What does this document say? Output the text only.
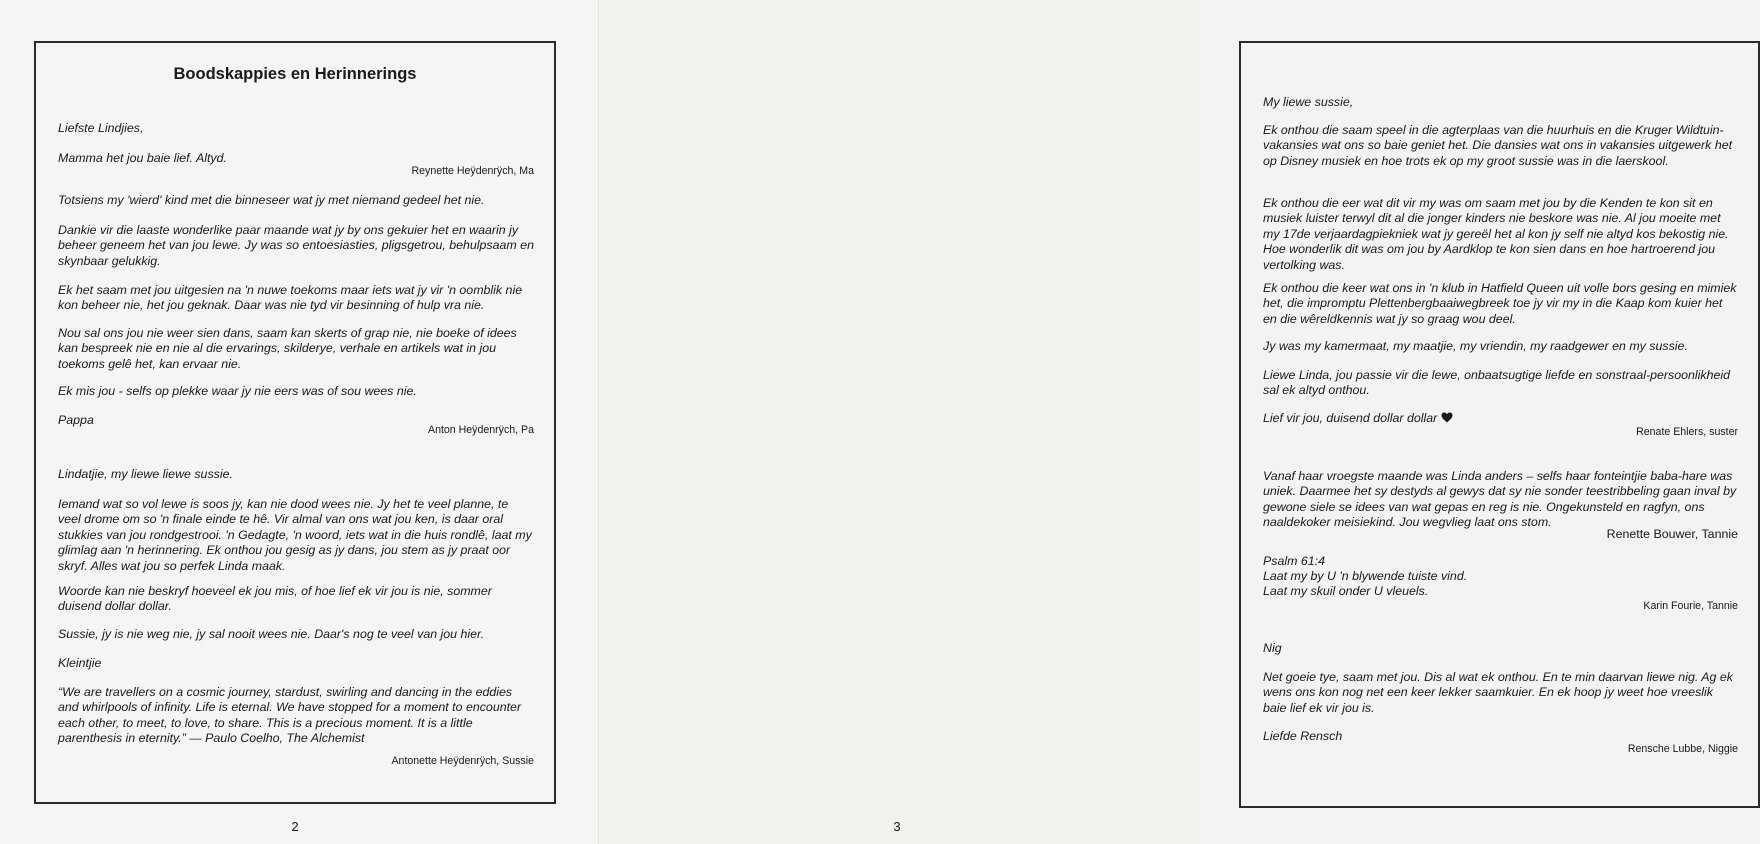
Boodskappies en Herinnerings

Liefste Lindjies,

Mamma het jou baie lief. Altyd.

Reynette Heÿdenrÿch, Ma

Totsiens my 'wierd' kind met die binneseer wat jy met niemand gedeel het nie.

Dankie vir die laaste wonderlike paar maande wat jy by ons gekuier het en waarin jy beheer geneem het van jou lewe. Jy was so entoesiasties, pligsgetrou, behulpsaam en skynbaar gelukkig.

Ek het saam met jou uitgesien na 'n nuwe toekoms maar iets wat jy vir 'n oomblik nie kon beheer nie, het jou geknak. Daar was nie tyd vir besinning of hulp vra nie.

Nou sal ons jou nie weer sien dans, saam kan skerts of grap nie, nie boeke of idees kan bespreek nie en nie al die ervarings, skilderye, verhale en artikels wat in jou toekoms gelê het, kan ervaar nie.

Ek mis jou - selfs op plekke waar jy nie eers was of sou wees nie.

Pappa

Anton Heÿdenrÿch, Pa

Lindatjie, my liewe liewe sussie.

Iemand wat so vol lewe is soos jy, kan nie dood wees nie. Jy het te veel planne, te veel drome om so 'n finale einde te hê. Vir almal van ons wat jou ken, is daar oral stukkies van jou rondgestrooi. 'n Gedagte, 'n woord, iets wat in die huis rondlê, laat my glimlag aan 'n herinnering. Ek onthou jou gesig as jy dans, jou stem as jy praat oor skryf. Alles wat jou so perfek Linda maak.

Woorde kan nie beskryf hoeveel ek jou mis, of hoe lief ek vir jou is nie, sommer duisend dollar dollar.

Sussie, jy is nie weg nie, jy sal nooit wees nie. Daar's nog te veel van jou hier.

Kleintjie

“We are travellers on a cosmic journey, stardust, swirling and dancing in the eddies and whirlpools of infinity. Life is eternal. We have stopped for a moment to encounter each other, to meet, to love, to share. This is a precious moment. It is a little parenthesis in eternity.” — Paulo Coelho, The Alchemist

Antonette Heÿdenrÿch, Sussie

2

My liewe sussie,

Ek onthou die saam speel in die agterplaas van die huurhuis en die Kruger Wildtuin-vakansies wat ons so baie geniet het. Die dansies wat ons in vakansies uitgewerk het op Disney musiek en hoe trots ek op my groot sussie was in die laerskool.

Ek onthou die eer wat dit vir my was om saam met jou by die Kenden te kon sit en musiek luister terwyl dit al die jonger kinders nie beskore was nie. Al jou moeite met my 17de verjaardagpiekniek wat jy gereël het al kon jy self nie altyd kos bekostig nie. Hoe wonderlik dit was om jou by Aardklop te kon sien dans en hoe hartroerend jou vertolking was.

Ek onthou die keer wat ons in 'n klub in Hatfield Queen uit volle bors gesing en mimiek het, die impromptu Plettenbergbaaiwegbreek toe jy vir my in die Kaap kom kuier het en die wêreldkennis wat jy so graag wou deel.

Jy was my kamermaat, my maatjie, my vriendin, my raadgewer en my sussie.

Liewe Linda, jou passie vir die lewe, onbaatsugtige liefde en sonstraal-persoonlikheid sal ek altyd onthou.

Lief vir jou, duisend dollar dollar

Renate Ehlers, suster

Vanaf haar vroegste maande was Linda anders – selfs haar fonteintjie baba-hare was uniek. Daarmee het sy destyds al gewys dat sy nie sonder teestribbeling gaan inval by gewone siele se idees van wat gepas en reg is nie. Ongekunsteld en ragfyn, ons naaldekoker meisiekind. Jou wegvlieg laat ons stom.

Renette Bouwer, Tannie

Psalm 61:4

Laat my by U 'n blywende tuiste vind.

Laat my skuil onder U vleuels.

Karin Fourie, Tannie

Nig

Net goeie tye, saam met jou. Dis al wat ek onthou. En te min daarvan liewe nig. Ag ek wens ons kon nog net een keer lekker saamkuier. En ek hoop jy weet hoe vreeslik baie lief ek vir jou is.

Liefde Rensch

Rensche Lubbe, Niggie

3
